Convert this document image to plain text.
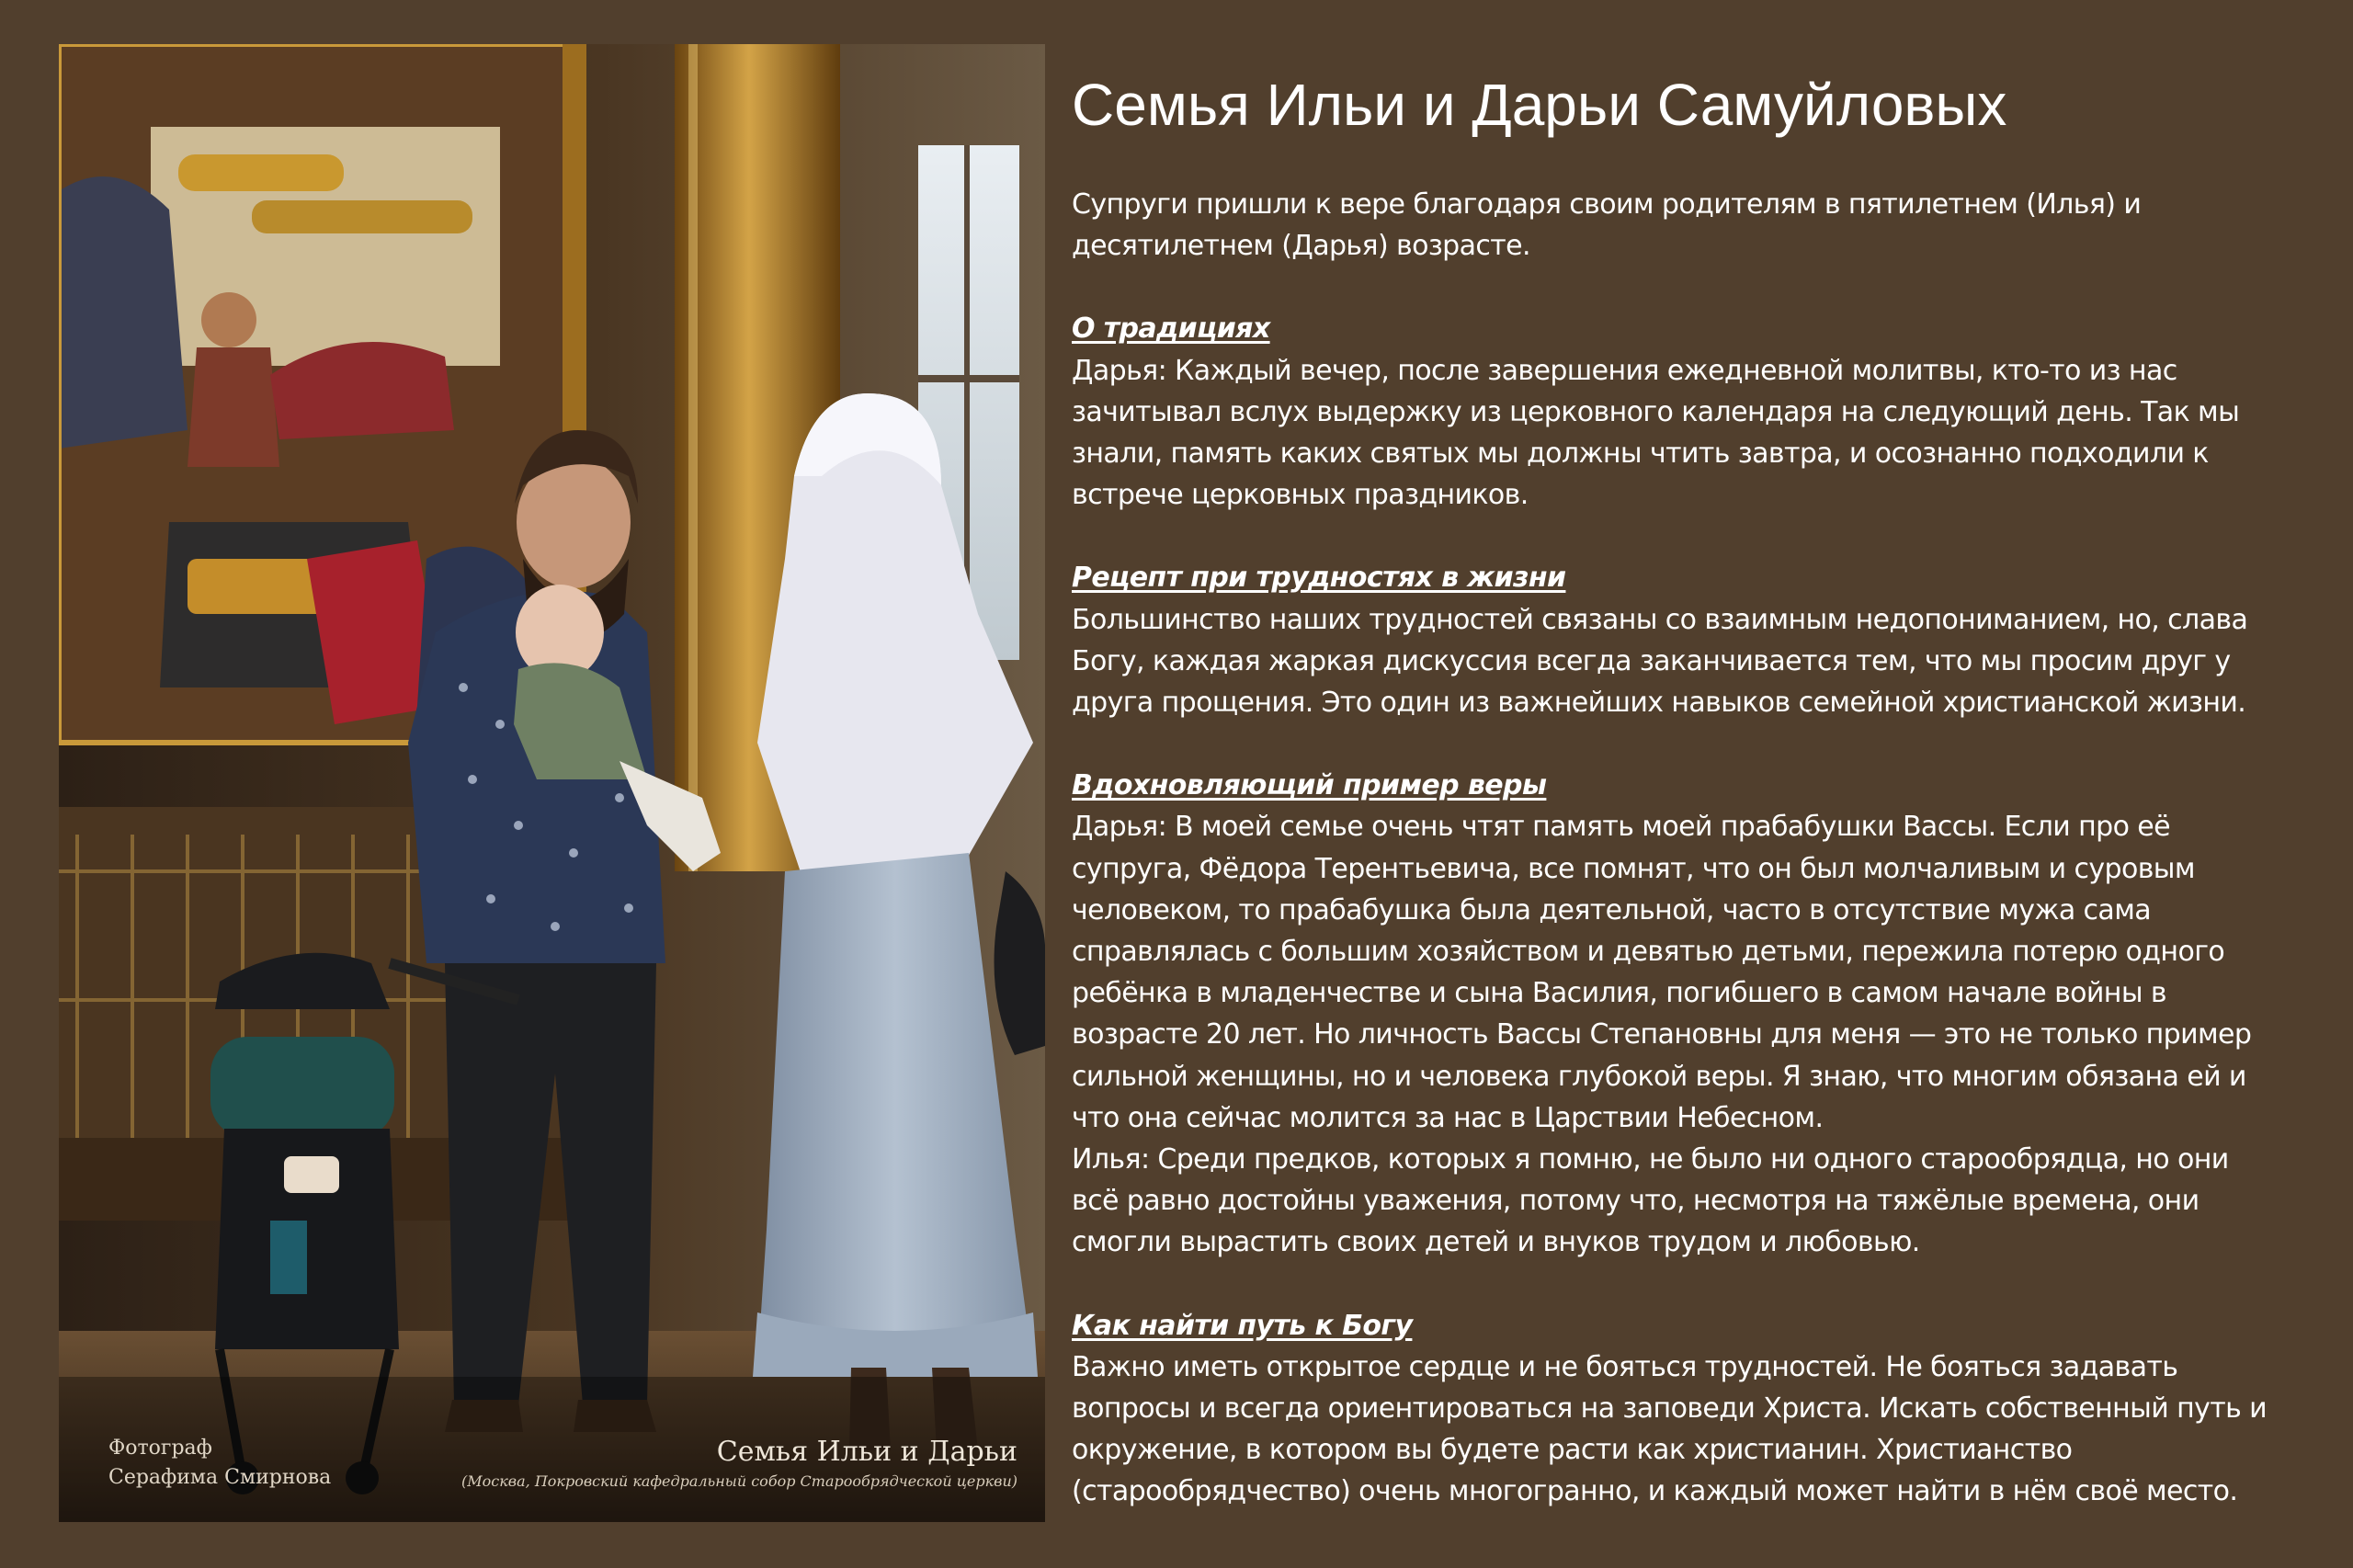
Фотограф
Серафима Смирнова
Семья Ильи и Дарьи
(Москва, Покровский кафедральный собор Старообрядческой церкви)
Семья Ильи и Дарьи Самуйловых

Супруги пришли к вере благодаря своим родителям в пятилетнем (Илья) и

десятилетнем (Дарья) возрасте.

О традициях

Дарья: Каждый вечер, после завершения ежедневной молитвы, кто-то из нас

зачитывал вслух выдержку из церковного календаря на следующий день. Так мы

знали, память каких святых мы должны чтить завтра, и осознанно подходили к

встрече церковных праздников.

Рецепт при трудностях в жизни

Большинство наших трудностей связаны со взаимным недопониманием, но, слава

Богу, каждая жаркая дискуссия всегда заканчивается тем, что мы просим друг у

друга прощения. Это один из важнейших навыков семейной христианской жизни.

Вдохновляющий пример веры

Дарья: В моей семье очень чтят память моей прабабушки Вассы. Если про её

супруга, Фёдора Терентьевича, все помнят, что он был молчаливым и суровым

человеком, то прабабушка была деятельной, часто в отсутствие мужа сама

справлялась с большим хозяйством и девятью детьми, пережила потерю одного

ребёнка в младенчестве и сына Василия, погибшего в самом начале войны в

возрасте 20 лет. Но личность Вассы Степановны для меня — это не только пример

сильной женщины, но и человека глубокой веры. Я знаю, что многим обязана ей и

что она сейчас молится за нас в Царствии Небесном.

Илья: Среди предков, которых я помню, не было ни одного старообрядца, но они

всё равно достойны уважения, потому что, несмотря на тяжёлые времена, они

смогли вырастить своих детей и внуков трудом и любовью.

Как найти путь к Богу

Важно иметь открытое сердце и не бояться трудностей. Не бояться задавать

вопросы и всегда ориентироваться на заповеди Христа. Искать собственный путь и

окружение, в котором вы будете расти как христианин. Христианство

(старообрядчество) очень многогранно, и каждый может найти в нём своё место.
